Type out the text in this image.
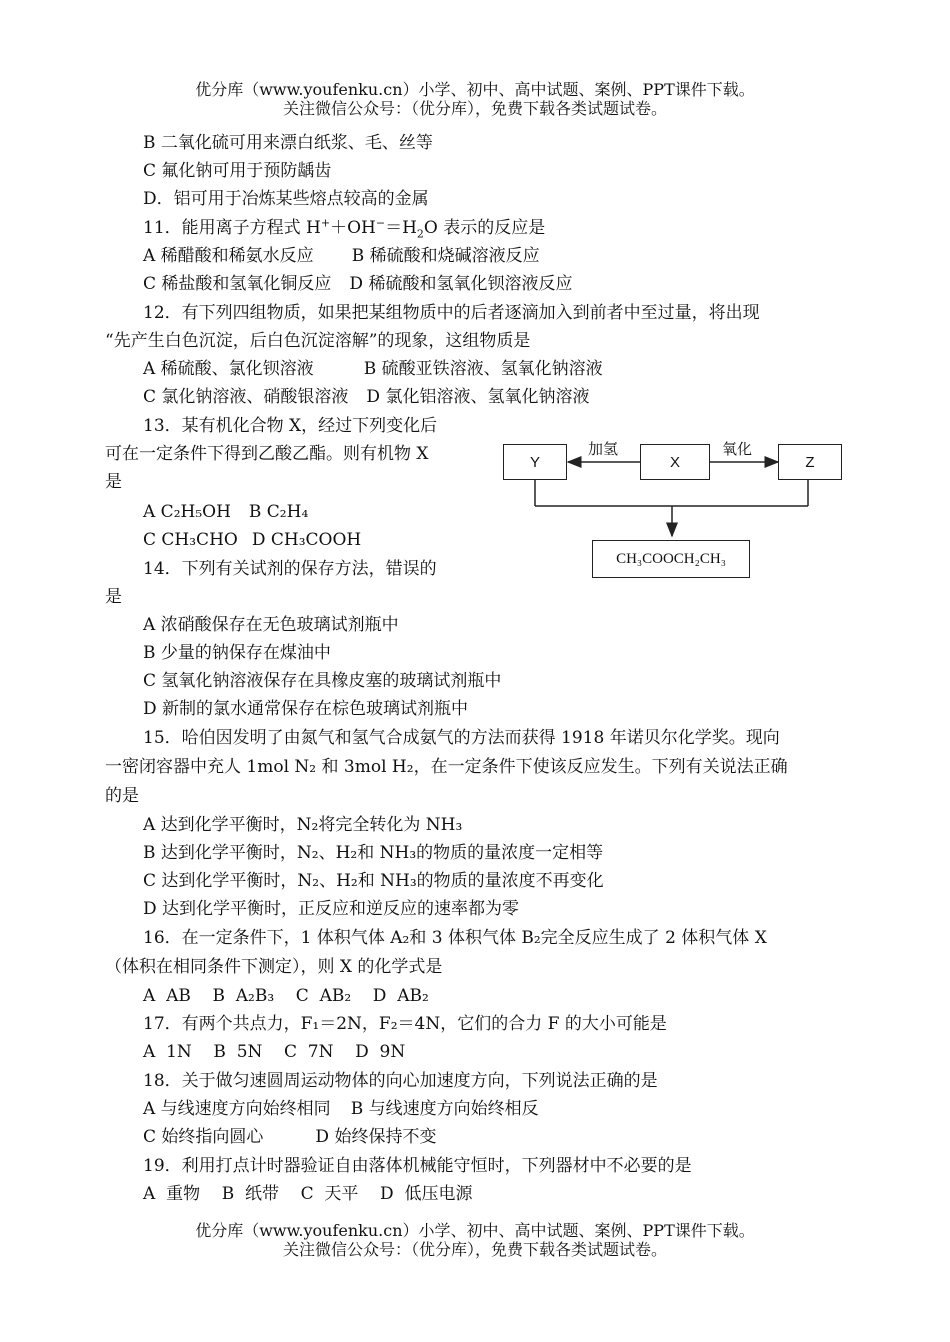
优分库（www.youfenku.cn）小学、初中、高中试题、案例、PPT课件下载。
关注微信公众号：（优分库），免费下载各类试题试卷。
B 二氧化硫可用来漂白纸浆、毛、丝等
C 氟化钠可用于预防龋齿
D．铝可用于冶炼某些熔点较高的金属
11．能用离子方程式 $H^++OH^-=H_2O$ 表示的反应是
A 稀醋酸和稀氨水反应 B 稀硫酸和烧碱溶液反应
C 稀盐酸和氢氧化铜反应 D 稀硫酸和氢氧化钡溶液反应
12．有下列四组物质，如果把某组物质中的后者逐滴加入到前者中至过量，将出现
“先产生白色沉淀，后白色沉淀溶解”的现象，这组物质是
A 稀硫酸、氯化钡溶液	B 硫酸亚铁溶液、氢氧化钠溶液
C 氯化钠溶液、硝酸银溶液 D 氯化铝溶液、氢氧化钠溶液
13．某有机化合物 X，经过下列变化后
可在一定条件下得到乙酸乙酯。则有机物 X
是
A C₂H₅OH B C₂H₄
C CH₃CHO D CH₃COOH
Y	X	Z
加氢	氧化
CH₃COOCH₂CH₃
14．下列有关试剂的保存方法，错误的
是
A 浓硝酸保存在无色玻璃试剂瓶中
B 少量的钠保存在煤油中
C 氢氧化钠溶液保存在具橡皮塞的玻璃试剂瓶中
D 新制的氯水通常保存在棕色玻璃试剂瓶中
15．哈伯因发明了由氮气和氢气合成氨气的方法而获得 1918 年诺贝尔化学奖。现向
一密闭容器中充人 1mol N₂ 和 3mol H₂，在一定条件下使该反应发生。下列有关说法正确
的是
A 达到化学平衡时，N₂将完全转化为 NH₃
B 达到化学平衡时，N₂、H₂和 NH₃的物质的量浓度一定相等
C 达到化学平衡时，N₂、H₂和 NH₃的物质的量浓度不再变化
D 达到化学平衡时，正反应和逆反应的速率都为零
16．在一定条件下，1 体积气体 A₂和 3 体积气体 B₂完全反应生成了 2 体积气体 X
（体积在相同条件下测定），则 X 的化学式是
A  AB    B  A₂B₃    C  AB₂    D  AB₂
17．有两个共点力，F₁＝2N，F₂＝4N，它们的合力 F 的大小可能是
A  1N    B  5N    C  7N    D  9N
18．关于做匀速圆周运动物体的向心加速度方向，下列说法正确的是
A 与线速度方向始终相同 B 与线速度方向始终相反
C 始终指向圆心	D 始终保持不变
19．利用打点计时器验证自由落体机械能守恒时，下列器材中不必要的是
A  重物    B  纸带    C  天平    D  低压电源
优分库（www.youfenku.cn）小学、初中、高中试题、案例、PPT课件下载。
关注微信公众号：（优分库），免费下载各类试题试卷。
